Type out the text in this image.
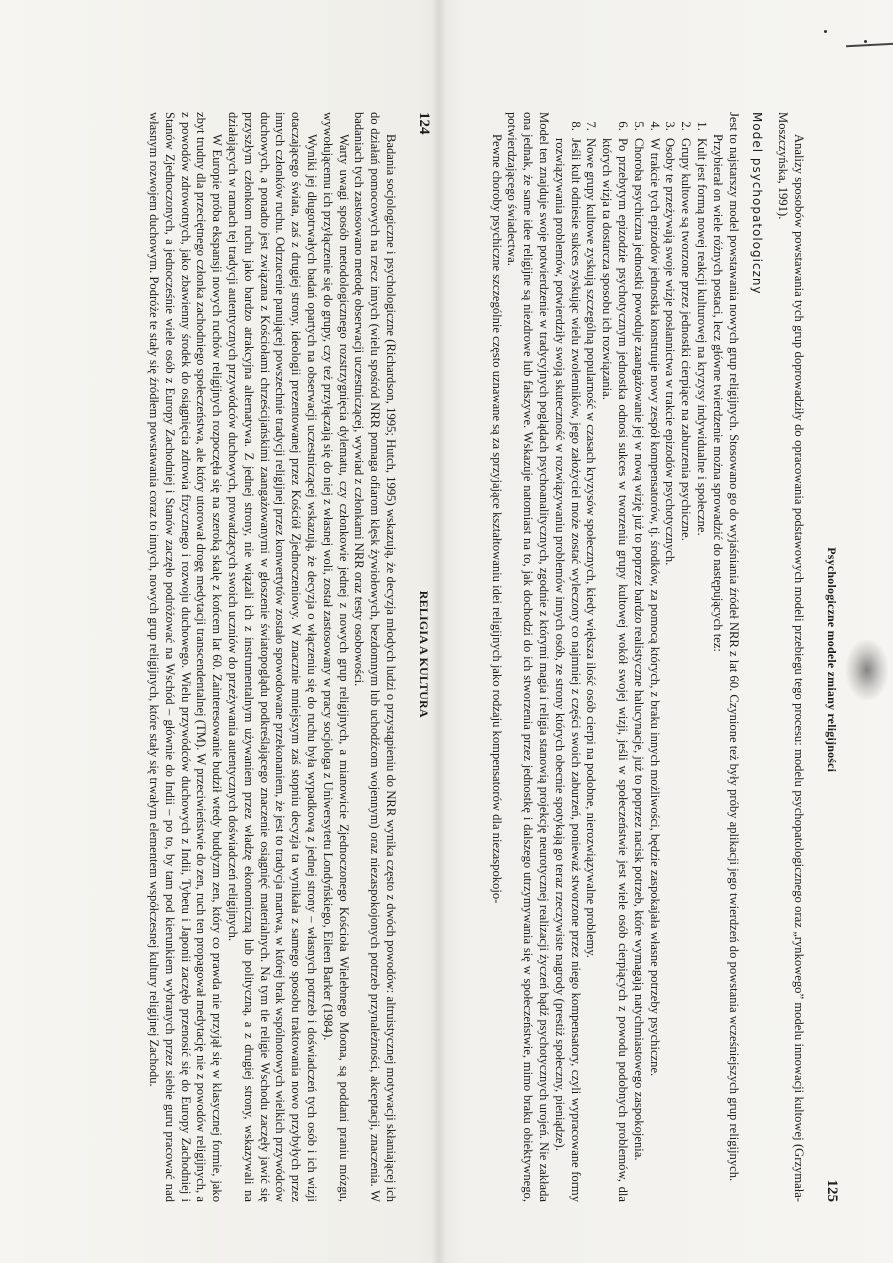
124
RELIGIA A KULTURA

Badania socjologiczne i psychologiczne (Richardson, 1995; Hutch, 1995) wskazują, że decyzja młodych ludzi o przystąpieniu do NRR wynika często z dwóch powodów: altruistycznej motywacji skłaniającej ich do działań pomocowych na rzecz innych (wielu spośród NRR pomaga ofiarom klęsk żywiołowych, bezdomnym lub uchodźcom wojennym) oraz niezaspokojonych potrzeb przynależności, akceptacji, znaczenia. W badaniach tych zastosowano metodę obserwacji uczestniczącej, wywiad z członkami NRR oraz testy osobowości.

Warty uwagi sposób metodologicznego rozstrzygnięcia dylematu, czy członkowie jednej z nowych grup religijnych, a mianowicie Zjednoczonego Kościoła Wielebnego Moona, są poddani praniu mózgu, wywołującemu ich przyłączenie się do grupy, czy też przyłączają się do niej z własnej woli, został zastosowany w pracy socjologa z Uniwersytetu Londyńskiego, Eileen Barker (1984).

Wyniki jej długotrwałych badań opartych na obserwacji uczestniczącej wskazują, że decyzja o włączeniu się do ruchu była wypadkową z jednej strony – własnych potrzeb i doświadczeń tych osób i ich wizji otaczającego świata, zaś z drugiej strony, ideologii prezentowanej przez Kościół Zjednoczeniowy. W znacznie mniejszym zaś stopniu decyzja ta wynikała z samego sposobu traktowania nowo przybyłych przez innych członków ruchu. Odrzucenie panującej powszechnie tradycji religijnej przez konwertytów zostało spowodowane przekonaniem, że jest to tradycja martwa, w której brak wspólnotowych wielkich przywódców duchowych, a ponadto jest związana z Kościołami chrześcijańskimi zaangażowanymi w głoszenie światopoglądu podkreślającego znaczenie osiągnięć materialnych. Na tym tle religie Wschodu zaczęły jawić się przyszłym członkom ruchu jako bardzo atrakcyjna alternatywa. Z jednej strony, nie wiązali ich z instrumentalnym używaniem przez władzę ekonomiczną lub polityczną, a z drugiej strony, wskazywali na działających w ramach tej tradycji autentycznych przywódców duchowych, prowadzących swoich uczniów do przeżywania autentycznych doświadczeń religijnych.

W Europie próba ekspansji nowych ruchów religijnych rozpoczęła się na szeroką skalę z końcem lat 60. Zainteresowanie budził wtedy buddyzm zen, który co prawda nie przyjął się w klasycznej formie, jako zbyt trudny dla przeciętnego członka zachodniego społeczeństwa, ale który utorował drogę medytacji transcendentalnej (TM). W przeciwieństwie do zen, ruch ten propagował medytację nie z powodów religijnych, a z powodów zdrowotnych, jako zbawienny środek do osiągnięcia zdrowia fizycznego i rozwoju duchowego. Wielu przywódców duchowych z Indii, Tybetu i Japonii zaczęło przenosić się do Europy Zachodniej i Stanów Zjednoczonych, a jednocześnie wiele osób z Europy Zachodniej i Stanów zaczęło podróżować na Wschód – głównie do Indii – po to, by tam pod kierunkiem wybranych przez siebie guru pracować nad własnym rozwojem duchowym. Podróże te stały się źródłem powstawania coraz to innych, nowych grup religijnych, które stały się trwałym elementem współczesnej kultury religijnej Zachodu.	Psychologiczne modele zmiany religijności
125

Analizy sposobów powstawania tych grup doprowadziły do opracowania podstawowych modeli przebiegu tego procesu: modelu psychopatologicznego oraz „rynkowego” modelu innowacji kultowej (Grzymała-Moszczyńska, 1991).

Model psychopatologiczny

Jest to najstarszy model powstawania nowych grup religijnych. Stosowano go do wyjaśniania źródeł NRR z lat 60. Czynione też były próby aplikacji jego twierdzeń do powstania wcześniejszych grup religijnych.

Przybierał on wiele różnych postaci, lecz główne twierdzenie można sprowadzić do następujących tez:

1. Kult jest formą nowej reakcji kulturowej na kryzysy indywidualne i społeczne.
2. Grupy kultowe są tworzone przez jednostki cierpiące na zaburzenia psychiczne.
3. Osoby te przeżywają swoje wizje posłannictwa w trakcie epizodów psychotycznych.
4. W trakcie tych epizodów jednostka konstruuje nowy zespół kompensatorów, tj. środków, za pomocą których, z braku innych możliwości, będzie zaspokajała własne potrzeby psychiczne.
5. Choroba psychiczna jednostki powoduje zaangażowanie jej w nową wizję już to poprzez bardzo realistyczne halucynacje, już to poprzez nacisk potrzeb, które wymagają natychmiastowego zaspokojenia.
6. Po przebytym epizodzie psychotycznym jednostka odnosi sukces w tworzeniu grupy kultowej wokół swojej wizji, jeśli w społeczeństwie jest wiele osób cierpiących z powodu podobnych problemów, dla których wizja ta dostarcza sposobu ich rozwiązania.
7. Nowe grupy kultowe zyskują szczególną popularność w czasach kryzysów społecznych, kiedy większa ilość osób cierpi na podobne, nierozwiązywalne problemy.
8. Jeśli kult odniesie sukces zyskując wielu zwolenników, jego założyciel może zostać wyleczony co najmniej z części swoich zaburzeń, ponieważ stworzone przez niego kompensatory, czyli wypracowane formy rozwiązywania problemów, potwierdziły swoją skuteczność w rozwiązywaniu problemów innych osób, ze strony których obecnie spotykają go teraz rzeczywiste nagrody (prestiż społeczny, pieniądze).

Model ten znajduje swoje potwierdzenie w tradycyjnych poglądach psychoanalitycznych, zgodnie z którymi magia i religia stanowią projekcję neurotycznej realizacji życzeń bądź psychotycznych urojeń. Nie zakłada ona jednak, że same idee religijne są niezdrowe lub fałszywe. Wskazuje natomiast na to, jak dochodzi do ich stworzenia przez jednostkę i dalszego utrzymywania się w społeczeństwie, mimo braku obiektywnego, potwierdzającego świadectwa.

Pewne choroby psychiczne szczególnie często uznawane są za sprzyjające kształtowaniu idei religijnych jako rodzaju kompensatorów dla niezaspokojo-
